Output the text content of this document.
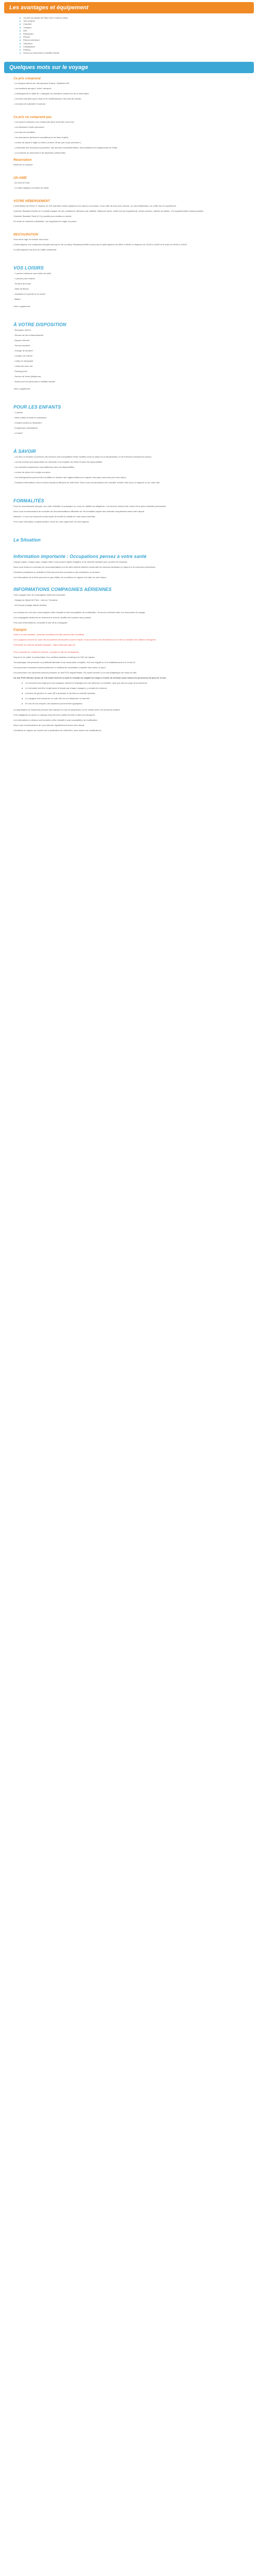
Les avantages et équipement
Vol A/R (au départ de Paris CDG et autres villes)
Tout compris
Chambre
Transfert
Wifi
Restaurant
Piscine
Piscine extérieure
Télévision
Climatisation
Parking
Accès aux personnes à mobilité réduite
Quelques mots sur le voyage
Ce prix comprend

- Le transport aérien sur vols spéciaux France / Batlèmie A/R.

- Les transferts aéroport / hôtel / aéroport.

- L'hébergement en taille de 1 catégorie de chambres choisie lors de la réservation.

- Les taxes aéroport (sous réserve de modifications) et les frais de dossier.

- Les taxes de solidarité et carbone.

Ce prix ne comprend pas

- Les repas et boissons non mentionnés dans la formule (voir lors).

- Les dépenses d'ordre personnel.

- Les frais de formalités.

- Les assurances (fortement conseillées) et les frais d'option.

- La taxe de séjour à régler à l'hôtel ( environ 2€ par jour et par personne ).

- L'ensemble des excursions proposées, des services complémentaires, des prestations et équipements de l'hôtel.

- Le pourboire du personnel et les dépenses optionnelles.

Réservation

Réservez en avance!

UN AIME

- Au bord de l'eau

- Le cadre idyllique et naturel de l'hôtel

VOTRE HÉBERGEMENT

L'hôtel Balise de Plume 2* dispose de 425 chambres toutes équipées d'un balcon ou terrasse, d'une salle de bain avec douche, un mini-réfrigérateur, un coffre-fort en supplément.

Chambre Standard Double (2+1) adulte équipée de l'air conditionné, télévision par satellite, téléphone direct, coffre-fort (en supplément), sèche-cheveux, articles de toilette. 1 lit supplémentaire enfant possible.

Chambre Standard Triple (2+1) possible pour adultes ou enfant.

En mode de chambre individuelle, une supplément à régler sur place.

RESTAURATION

Vous serez logé en formule tout inclus

L'hôtel dispose d'un restaurant principal ainsi qu'un bar au lobby. Restaurant buffet ouvert pour le petit déjeuner de 8h00 à 10h00, le déjeuner de 12h30 à 14h30 et le dîner de 19h00 à 21h30.

Le petit déjeuner est servi en buffet continental.

VOS LOISIRS

- 1 piscine extérieure avec bains de soleil

- 1 piscine pour enfants

- Terrains de tennis

- Salle de fitness

- Animation en journée et en soirée

- Billard

*Avec supplément

À VOTRE DISPOSITION

- Réception 24h/24

- Service de bar et blanchisserie*

- Espace internet*

- Service médical*

- Change de devises*

- Location de voiture*

- Lobby en wifi gratuit

- Lobby bar avec vue

- Parking privé*

- Service de réveil (téléphone)

- Accès pour les personnes à mobilité réduite*

*Avec supplément

POUR LES ENFANTS

- 1 piscine

- Menu enfant et bébé au restaurant

- Chaises hautes au restaurant

- Programme d'animations

- Lit bébé*

À SAVOIR

- Les lieux et horaires d'ouverture des services sont susceptibles d'être modifiés selon la saison et la fréquentation, et de fermeture pendant les travaux.

- Les lits d'enfant sont disponibles sur demande à la réception de l'hôtel et selon les disponibilités.

- Les chambres supérieures sont attribuées selon les disponibilités.

- La taxe de séjour est à régler sur place.

- Les hébergements peuvent être modifiés en fonction des réglementations en vigueur des pays concernés par votre séjour.

- Certaines informations ont pu évoluer depuis la diffusion de cette fiche. Nous vous recommandons de consulter la fiche mise à jour à l'agence ou sur notre site.

FORMALITÉS

Pour les ressortissants français, une carte d'identité ou passeport en cours de validité est obligatoire. Les mineurs doivent être munis d'une pièce d'identité personnelle.

Nous vous recommandons de consulter les recommandations officielles sur les formalités auprès des autorités compétentes avant votre départ.

Attention : il vous est vivement recommandé de vérifier la validité de votre pièce d'identité.

Pour toute information complémentaire, merci de vous rapprocher de votre agence.

Le Situation
Information importante : Occupations pensez à votre santé

Chaque région, chaque pays, chaque hôtel a ses propres règles d'hygiène et de sécurité sanitaire qu'il convient de respecter.

Nous vous invitons à consulter les recommandations sur les sites internet officiels concernant les mesures sanitaires en vigueur et les mesures préventives.

Certaines prestations ou activités à l'hôtel peuvent être soumises à des restrictions ou fermées.

Les informations de la fiche peuvent ne pas refléter les conditions en vigueur à la date de votre séjour.

INFORMATIONS COMPAGNIES AÉRIENNES

Vous voyagez avec les compagnies aériennes suivantes :

- Voyage au départ de Paris : vols sur Transavia

- Air Europa (voyage depuis Nantes)

Les horaires de vols sont communiqués à titre indicatif et sont susceptibles de modification. Ils seront confirmés dans vos documents de voyage.

Les compagnies aériennes se réservent le droit de modifier les horaires sans préavis.

Pour plus d'informations, consultez le site de la compagnie.

Espagne

Suite à la crise sanitaire, certaines conditions d'entrée peuvent être modifiées.

Les voyageurs doivent se munir des documents nécessaires avant le départ. Vous trouverez les informations sur le site du ministère des affaires étrangères.

Formulaire de contrôle sanitaire Espagne : https://www.spth.gob.es/

Pour connaître les conditions d'entrée, consultez le site de l'ambassade.

Depuis le 1er juillet, la présentation d'un certificat sanitaire numérique de l'UE est requise.

Tout passager doit présenter un justificatif attestant d'une vaccination complète, d'un test négatif ou d'un rétablissement à la Covid-19.

Les personnes vaccinées doivent présenter un certificat de vaccination complète d'au moins 14 jours.

Les personnes non vaccinées doivent présenter un test PCR négatif réalisé 72h avant l'arrivée ou un test antigénique de moins de 48h.

Un test PCR effectué moins de 72h avant l'arrivée et dont le résultat est négatif est exigé à l'entrée du territoire pour toutes les personnes de plus de 12 ans.

Ce document est exigé pour tout voyageur arrivant en Espagne par voie aérienne ou maritime, quel que soit son pays de provenance.
Le formulaire doit être rempli avant le départ par chaque voyageur, y compris les mineurs.
Il permet de générer un code QR à présenter à l'arrivée au contrôle sanitaire.
Le voyageur doit conserver ce code QR sur son téléphone ou imprimé.
En cas de non-respect, des sanctions peuvent être appliquées.

La quarantaine ou l'isolement peuvent être imposés en cas de symptômes ou de contact avec une personne positive.

Il est obligatoire de porter un masque dans les lieux publics fermés et dans les transports.

Les informations ci-dessus sont données à titre indicatif et sont susceptibles de modification.

Nous vous recommandons de vous informer régulièrement avant votre départ.

Conditions en vigueur au moment de la publication de cette fiche, sous réserve de modifications.
